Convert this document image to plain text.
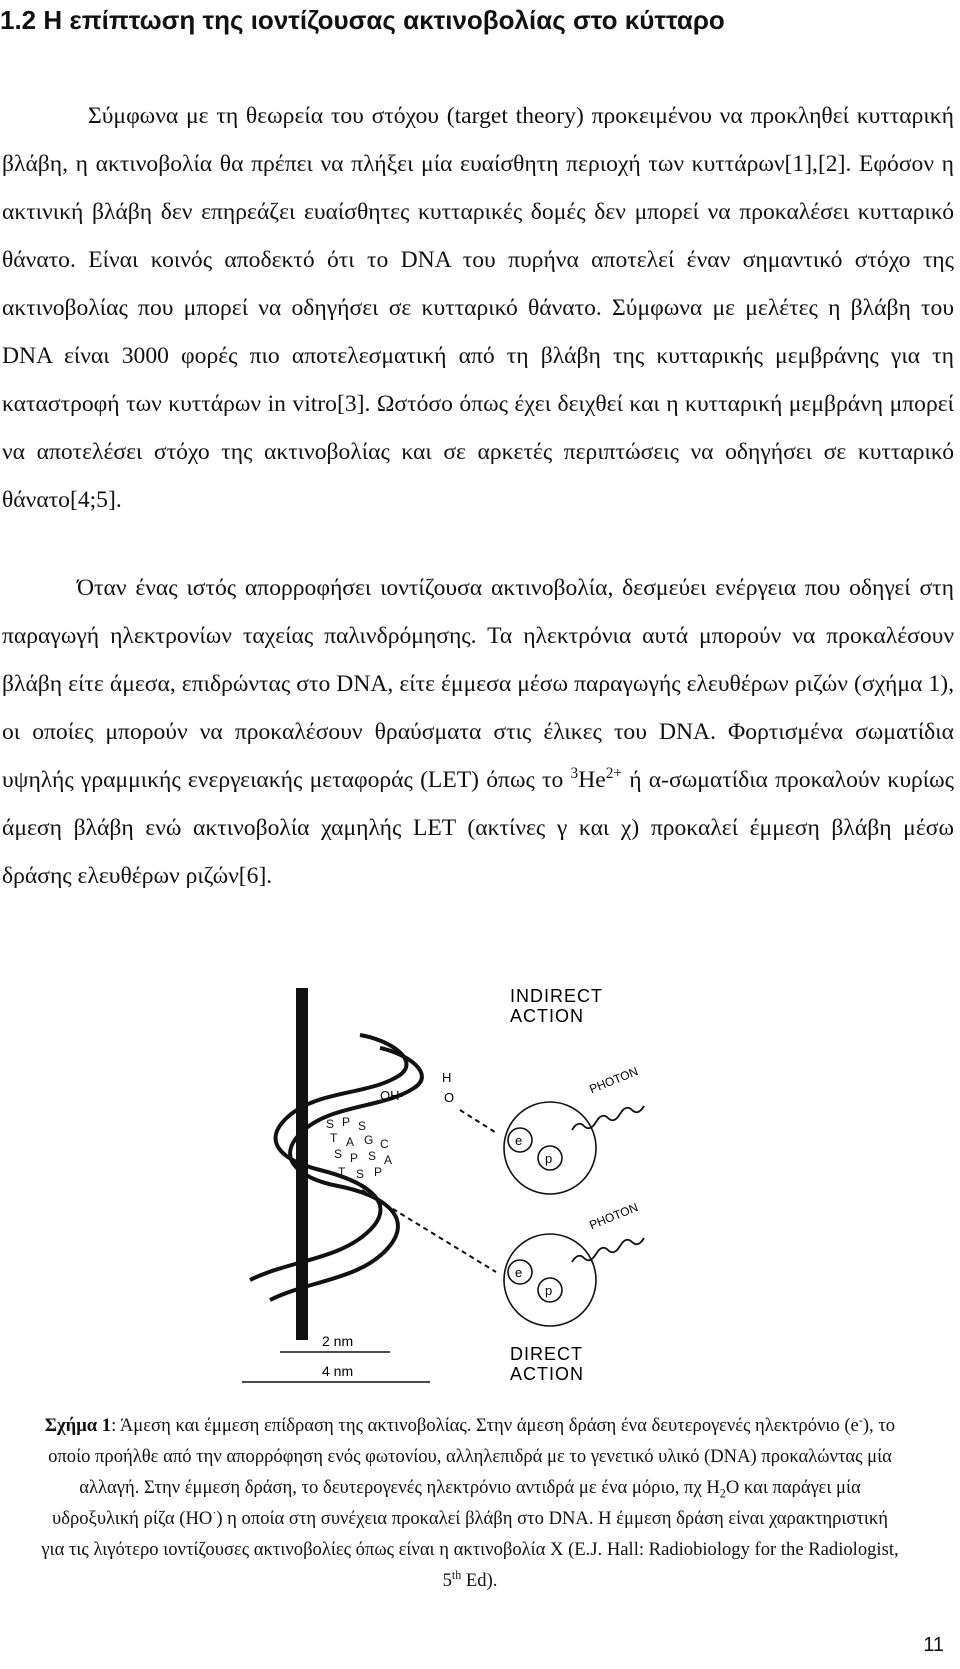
1.2 Η επίπτωση της ιοντίζουσας ακτινοβολίας στο κύτταρο

Σύμφωνα με τη θεωρεία του στόχου (target theory) προκειμένου να προκληθεί κυτταρική βλάβη, η ακτινοβολία θα πρέπει να πλήξει μία ευαίσθητη περιοχή των κυττάρων[1],[2]. Εφόσον η ακτινική βλάβη δεν επηρεάζει ευαίσθητες κυτταρικές δομές δεν μπορεί να προκαλέσει κυτταρικό θάνατο. Είναι κοινός αποδεκτό ότι το DNA του πυρήνα αποτελεί έναν σημαντικό στόχο της ακτινοβολίας που μπορεί να οδηγήσει σε κυτταρικό θάνατο. Σύμφωνα με μελέτες η βλάβη του DNA είναι 3000 φορές πιο αποτελεσματική από τη βλάβη της κυτταρικής μεμβράνης για τη καταστροφή των κυττάρων in vitro[3]. Ωστόσο όπως έχει δειχθεί και η κυτταρική μεμβράνη μπορεί να αποτελέσει στόχο της ακτινοβολίας και σε αρκετές περιπτώσεις να οδηγήσει σε κυτταρικό θάνατο[4;5].

Όταν ένας ιστός απορροφήσει ιοντίζουσα ακτινοβολία, δεσμεύει ενέργεια που οδηγεί στη παραγωγή ηλεκτρονίων ταχείας παλινδρόμησης. Τα ηλεκτρόνια αυτά μπορούν να προκαλέσουν βλάβη είτε άμεσα, επιδρώντας στο DNA, είτε έμμεσα μέσω παραγωγής ελευθέρων ριζών (σχήμα 1), οι οποίες μπορούν να προκαλέσουν θραύσματα στις έλικες του DNA. Φορτισμένα σωματίδια υψηλής γραμμικής ενεργειακής μεταφοράς (LET) όπως το $^3He^{2+}$ ή α-σωματίδια προκαλούν κυρίως άμεση βλάβη ενώ ακτινοβολία χαμηλής LET (ακτίνες γ και χ) προκαλεί έμμεση βλάβη μέσω δράσης ελευθέρων ριζών[6].

S P S
T A G C
S P S A
T S P
OH·
H
O
INDIRECT
ACTION
e
p
PHOTON
e
p
PHOTON
DIRECT
ACTION
2 nm
4 nm

Σχήμα 1: Άμεση και έμμεση επίδραση της ακτινοβολίας. Στην άμεση δράση ένα δευτερογενές ηλεκτρόνιο (e-), το οποίο προήλθε από την απορρόφηση ενός φωτονίου, αλληλεπιδρά με το γενετικό υλικό (DNA) προκαλώντας μία αλλαγή. Στην έμμεση δράση, το δευτερογενές ηλεκτρόνιο αντιδρά με ένα μόριο, πχ $H_2O$ και παράγει μία υδροξυλική ρίζα (HO·) η οποία στη συνέχεια προκαλεί βλάβη στο DNA. Η έμμεση δράση είναι χαρακτηριστική για τις λιγότερο ιοντίζουσες ακτινοβολίες όπως είναι η ακτινοβολία Χ (E.J. Hall: Radiobiology for the Radiologist, 5th Ed).

11
